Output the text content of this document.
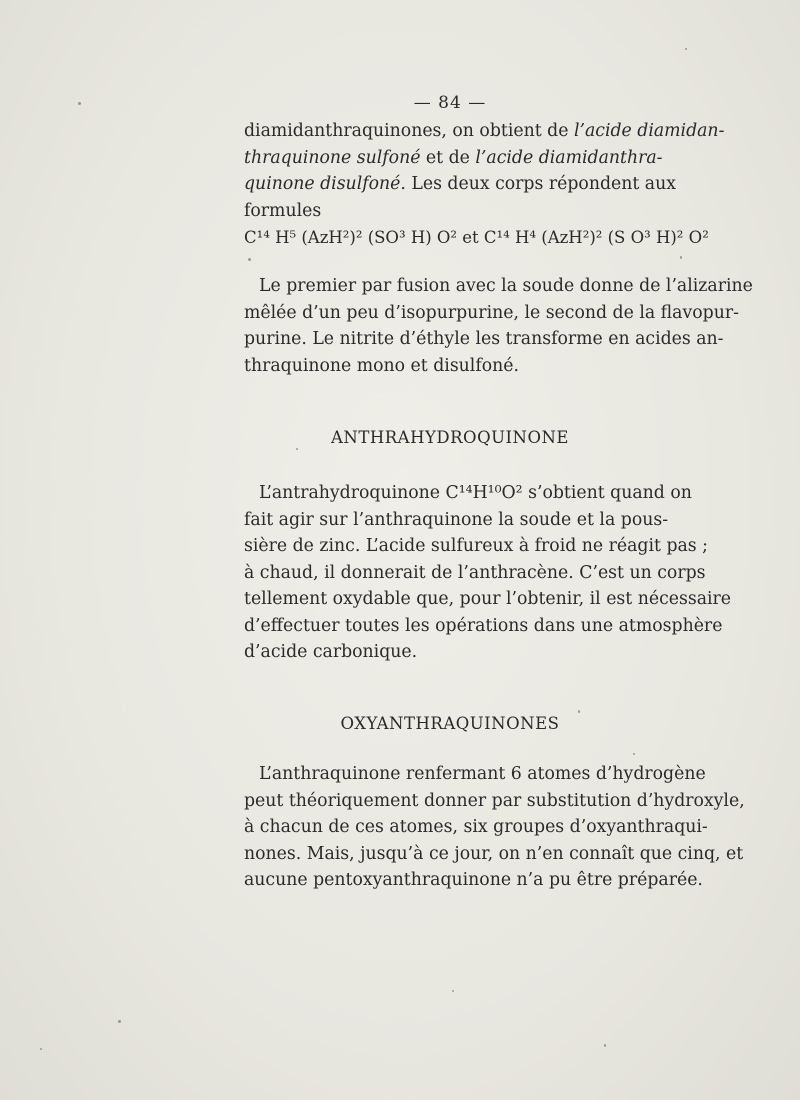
— 84 —
diamidanthraquinones, on obtient de l’acide diamidan-
thraquinone sulfoné et de l’acide diamidanthra-
quinone disulfoné. Les deux corps répondent aux
formules
C¹⁴ H⁵ (AzH²)² (SO³ H) O² et C¹⁴ H⁴ (AzH²)² (S O³ H)² O²
Le premier par fusion avec la soude donne de l’alizarine
mêlée d’un peu d’isopurpurine, le second de la flavopur-
purine. Le nitrite d’éthyle les transforme en acides an-
thraquinone mono et disulfoné.
ANTHRAHYDROQUINONE
L’antrahydroquinone C¹⁴H¹⁰O² s’obtient quand on
fait agir sur l’anthraquinone la soude et la pous-
sière de zinc. L’acide sulfureux à froid ne réagit pas ;
à chaud, il donnerait de l’anthracène. C’est un corps
tellement oxydable que, pour l’obtenir, il est nécessaire
d’effectuer toutes les opérations dans une atmosphère
d’acide carbonique.
OXYANTHRAQUINONES
L’anthraquinone renfermant 6 atomes d’hydrogène
peut théoriquement donner par substitution d’hydroxyle,
à chacun de ces atomes, six groupes d’oxyanthraqui-
nones. Mais, jusqu’à ce jour, on n’en connaît que cinq, et
aucune pentoxyanthraquinone n’a pu être préparée.
